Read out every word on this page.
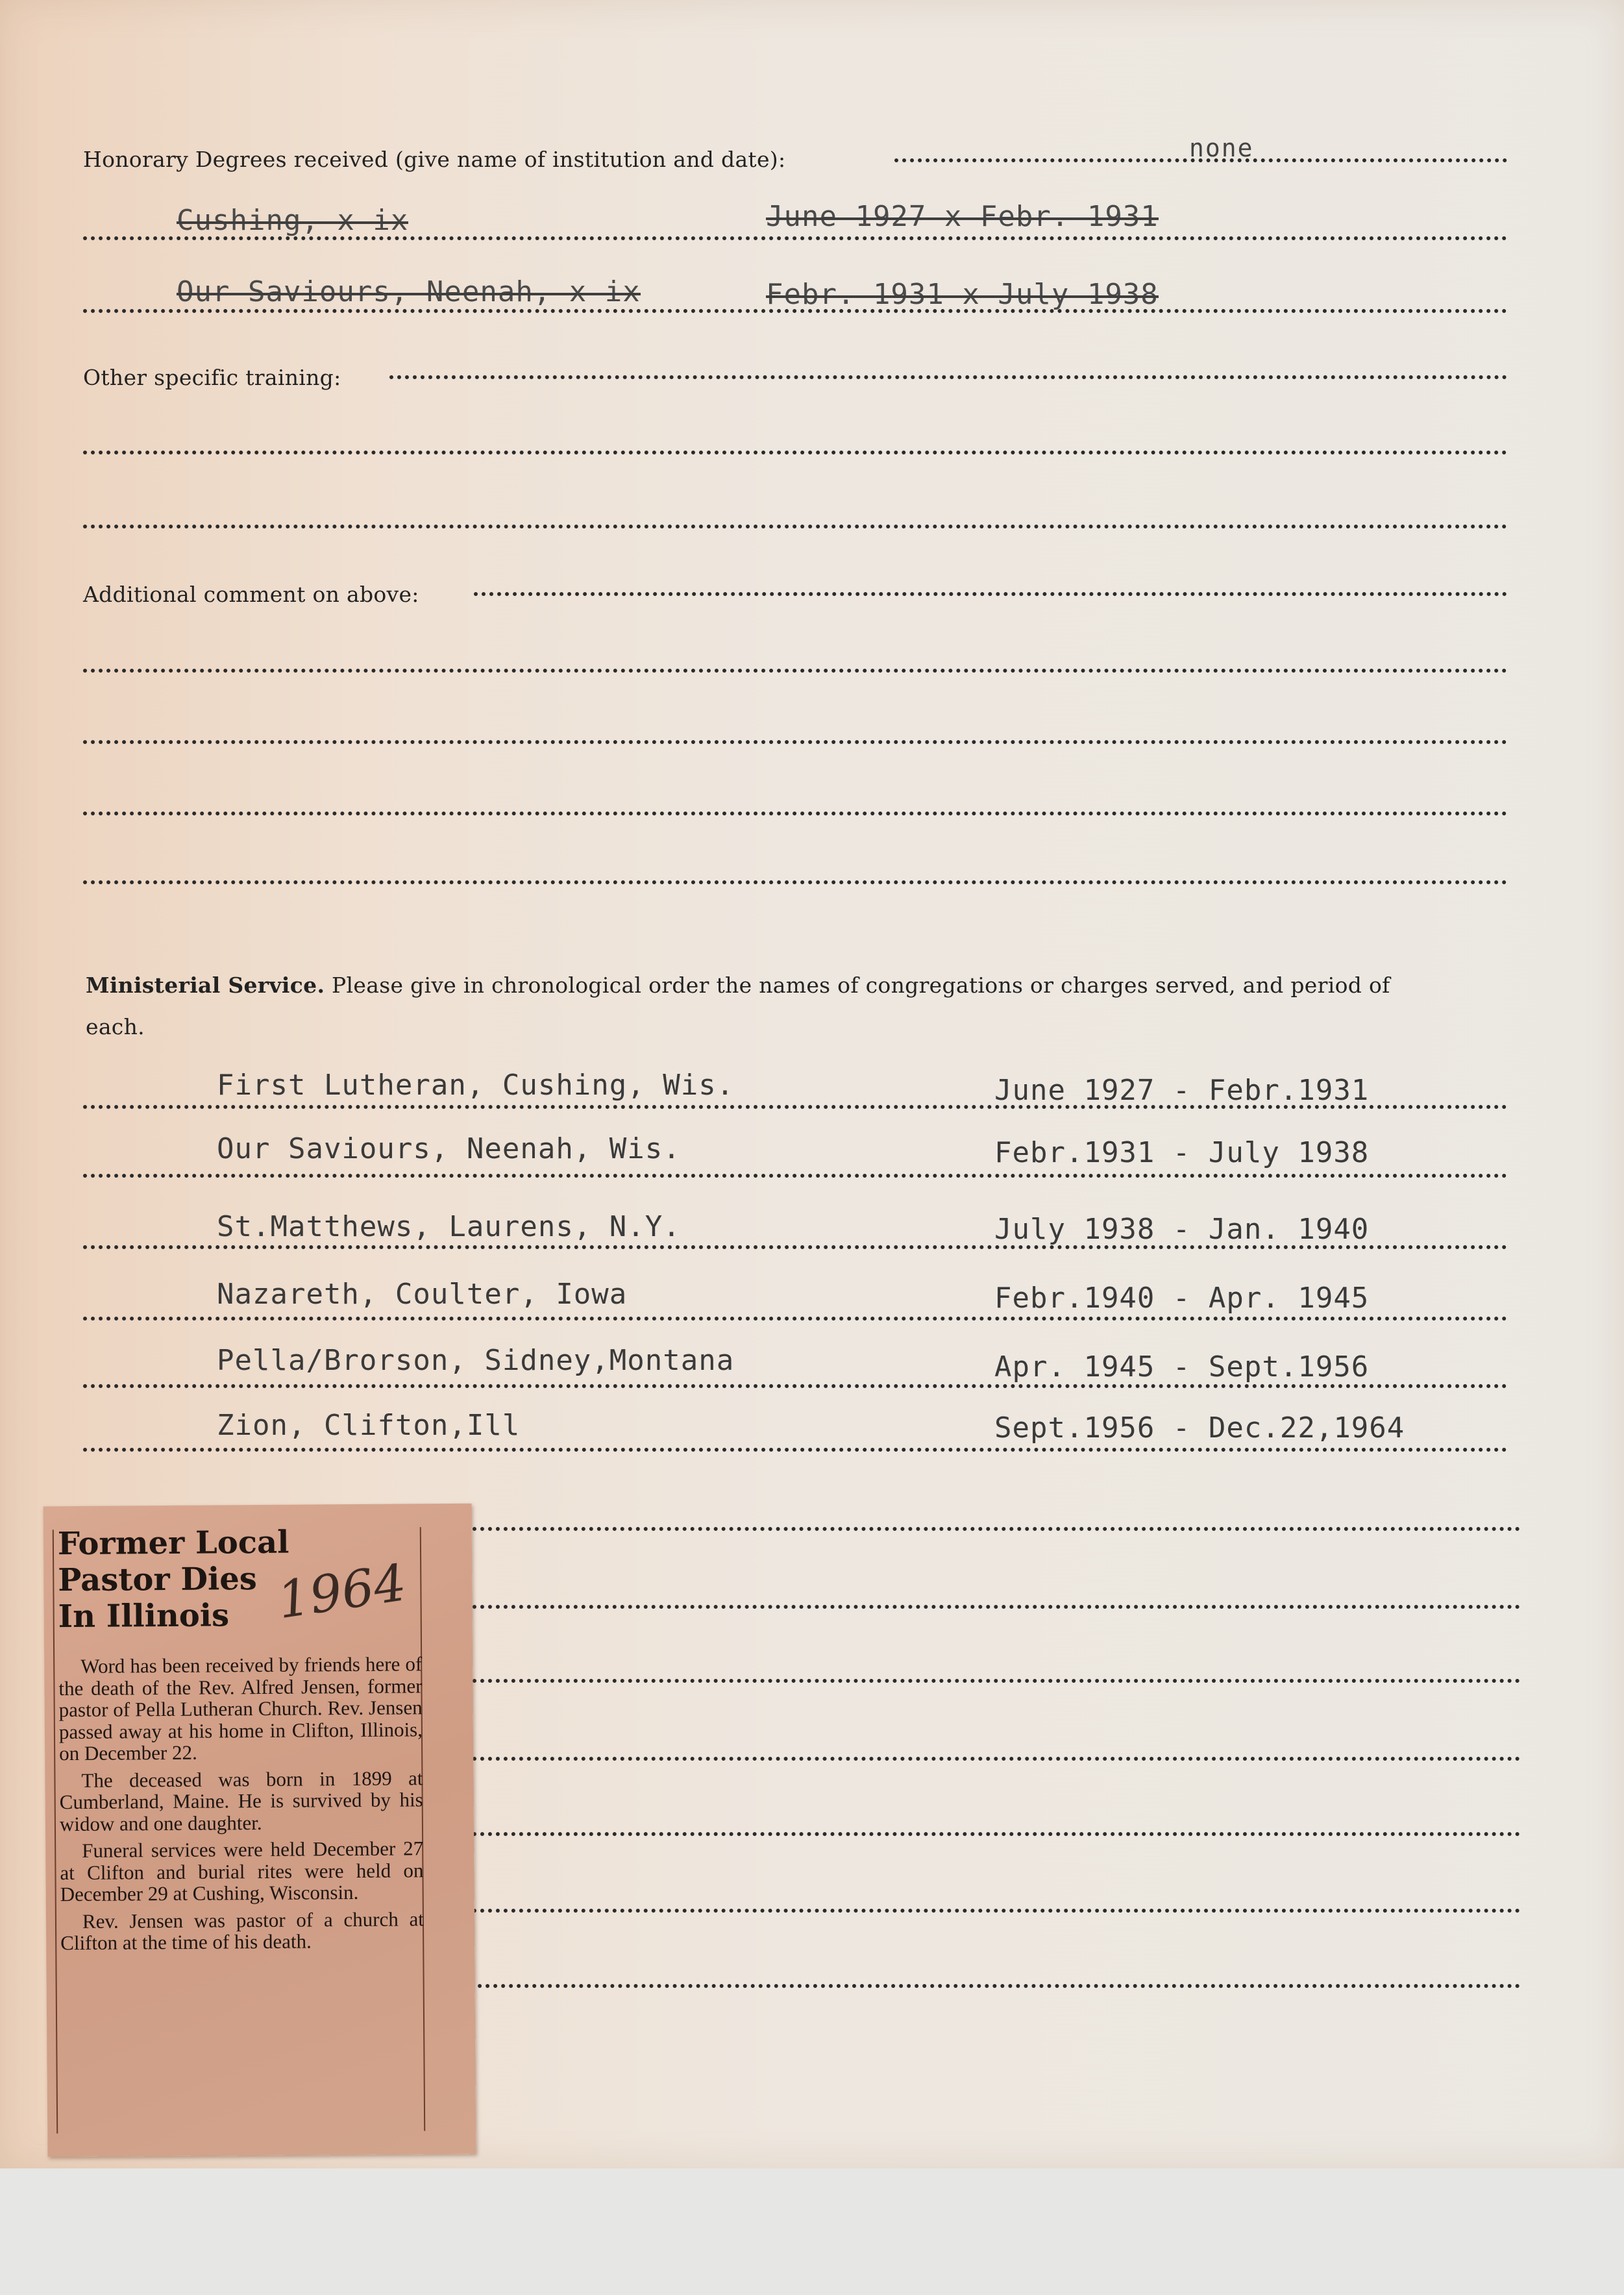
Honorary Degrees received (give name of institution and date):	none
Cushing, x ix	June 1927 x Febr. 1931
Our Saviours, Neenah, x ix	Febr. 1931 x July 1938
Other specific training:
Additional comment on above:
Ministerial Service. Please give in chronological order the names of congregations or charges served, and period of
each.
First Lutheran, Cushing, Wis.	June 1927 - Febr.1931
Our Saviours, Neenah, Wis.	Febr.1931 - July 1938
St.Matthews, Laurens, N.Y.	July 1938 - Jan. 1940
Nazareth, Coulter, Iowa	Febr.1940 - Apr. 1945
Pella/Brorson, Sidney,Montana	Apr. 1945 - Sept.1956
Zion, Clifton,Ill	Sept.1956 - Dec.22,1964
Former Local
Pastor Dies
In Illinois 1964

Word has been received by friends here of the death of the Rev. Alfred Jensen, former pastor of Pella Lutheran Church. Rev. Jensen passed away at his home in Clifton, Illinois, on December 22.

The deceased was born in 1899 at Cumberland, Maine. He is survived by his widow and one daughter.

Funeral services were held December 27 at Clifton and burial rites were held on December 29 at Cushing, Wisconsin.

Rev. Jensen was pastor of a church at Clifton at the time of his death.
